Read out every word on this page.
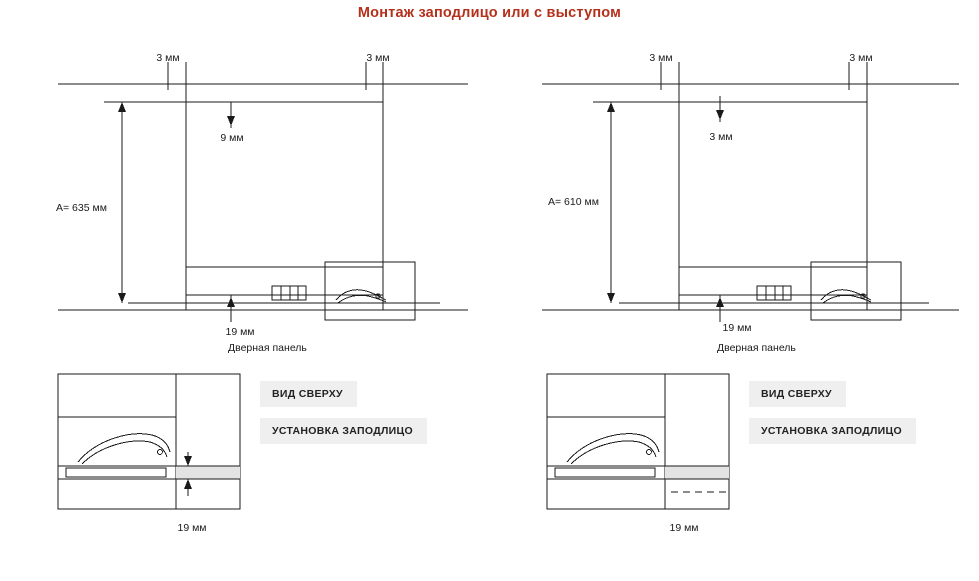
Монтаж заподлицо или с выступом
3 мм	3 мм
9 мм
A= 635 мм
19 мм
Дверная панель
ВИД СВЕРХУ
УСТАНОВКА ЗАПОДЛИЦО
19 мм
3 мм	3 мм
3 мм
A= 610 мм
19 мм
Дверная панель
ВИД СВЕРХУ
УСТАНОВКА ЗАПОДЛИЦО
19 мм
